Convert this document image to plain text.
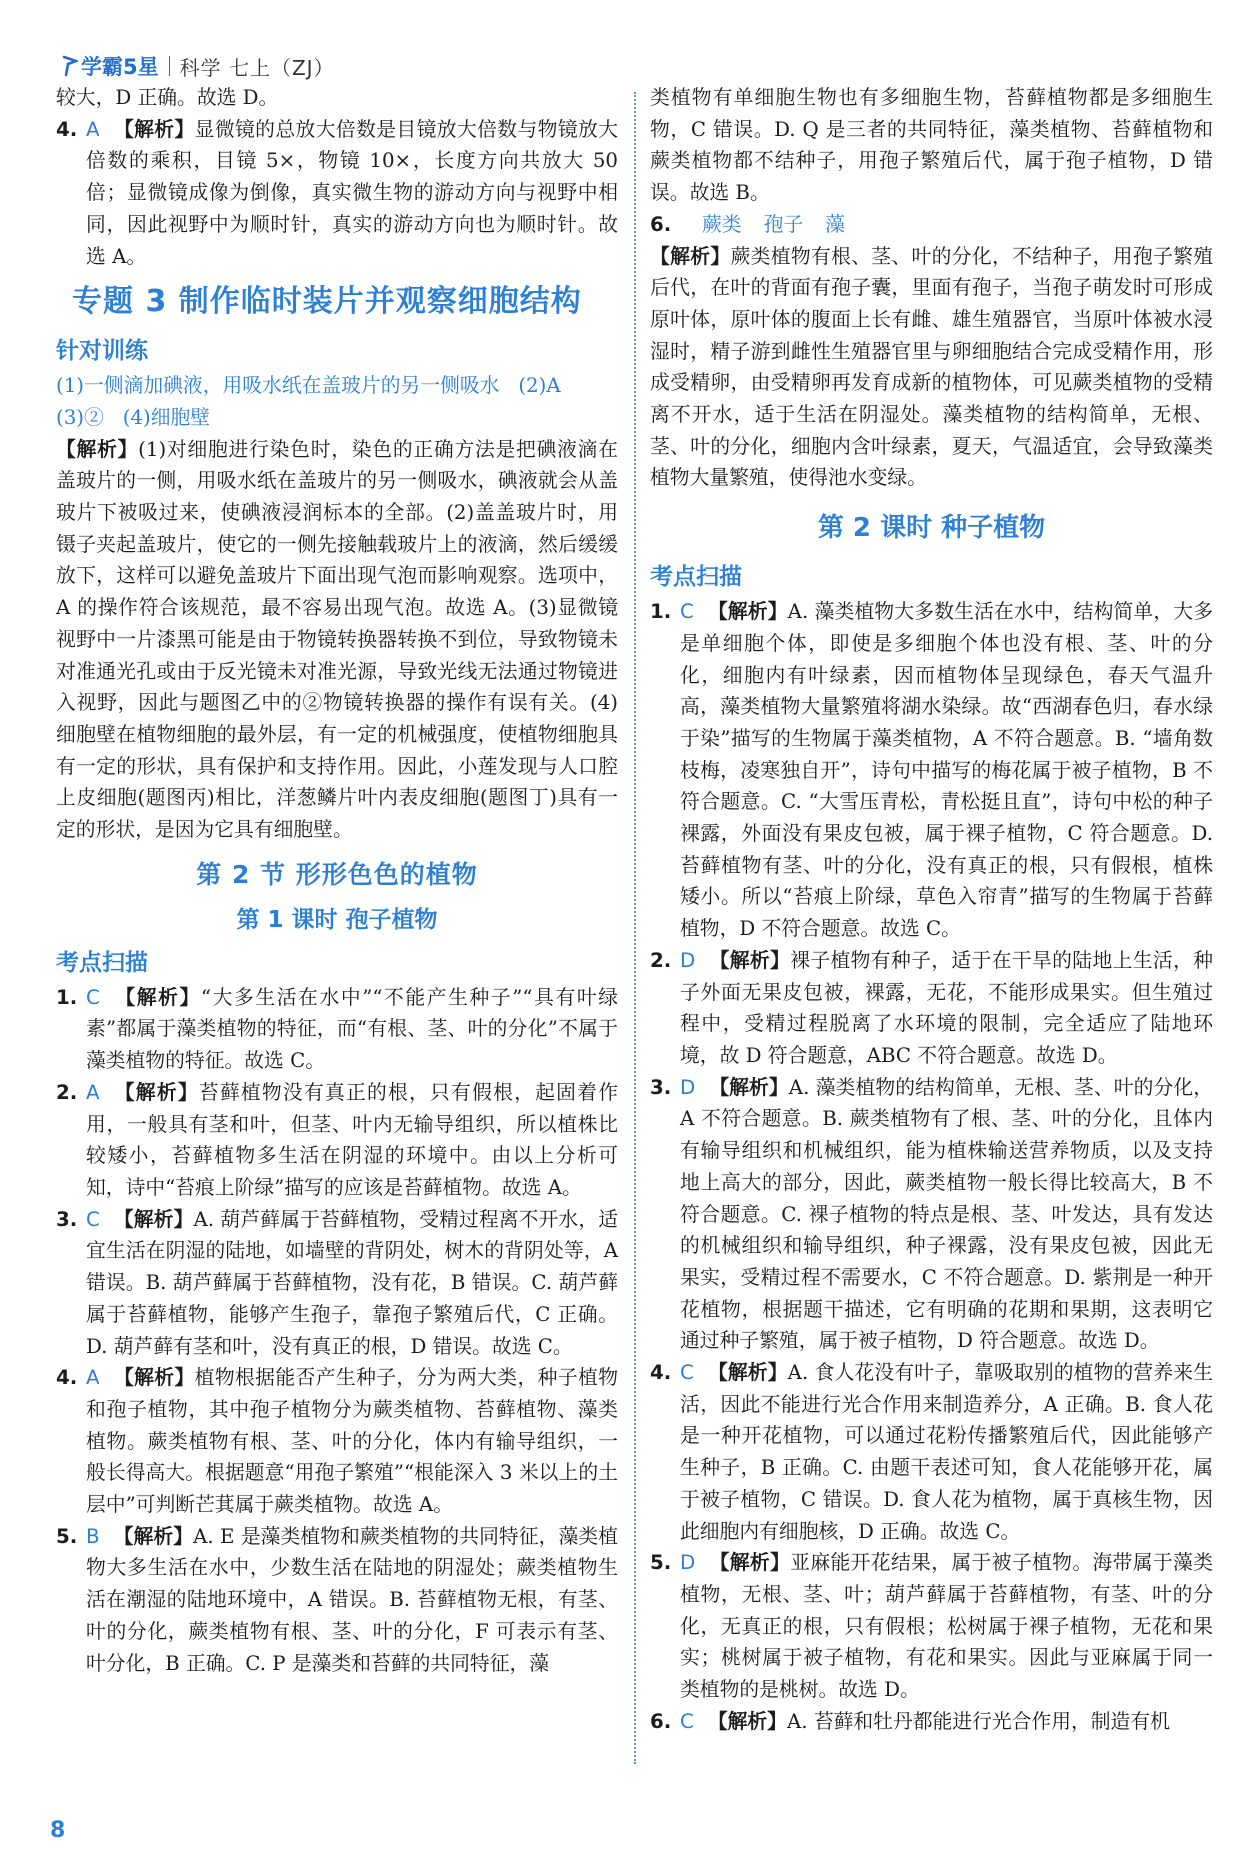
学霸5星 科学 七上（ZJ）

较大，D 正确。故选 D。

4. A 【解析】显微镜的总放大倍数是目镜放大倍数与物镜放大倍数的乘积，目镜 5×，物镜 10×，长度方向共放大 50 倍；显微镜成像为倒像，真实微生物的游动方向与视野中相同，因此视野中为顺时针，真实的游动方向也为顺时针。故选 A。

专题 3 制作临时装片并观察细胞结构
针对训练

(1)一侧滴加碘液，用吸水纸在盖玻片的另一侧吸水 (2)A

(3)② (4)细胞壁

【解析】(1)对细胞进行染色时，染色的正确方法是把碘液滴在盖玻片的一侧，用吸水纸在盖玻片的另一侧吸水，碘液就会从盖玻片下被吸过来，使碘液浸润标本的全部。(2)盖盖玻片时，用镊子夹起盖玻片，使它的一侧先接触载玻片上的液滴，然后缓缓放下，这样可以避免盖玻片下面出现气泡而影响观察。选项中，A 的操作符合该规范，最不容易出现气泡。故选 A。(3)显微镜视野中一片漆黑可能是由于物镜转换器转换不到位，导致物镜未对准通光孔或由于反光镜未对准光源，导致光线无法通过物镜进入视野，因此与题图乙中的②物镜转换器的操作有误有关。(4)细胞壁在植物细胞的最外层，有一定的机械强度，使植物细胞具有一定的形状，具有保护和支持作用。因此，小莲发现与人口腔上皮细胞(题图丙)相比，洋葱鳞片叶内表皮细胞(题图丁)具有一定的形状，是因为它具有细胞壁。

第 2 节 形形色色的植物
第 1 课时 孢子植物
考点扫描

1. C 【解析】“大多生活在水中”“不能产生种子”“具有叶绿素”都属于藻类植物的特征，而“有根、茎、叶的分化”不属于藻类植物的特征。故选 C。

2. A 【解析】苔藓植物没有真正的根，只有假根，起固着作用，一般具有茎和叶，但茎、叶内无输导组织，所以植株比较矮小，苔藓植物多生活在阴湿的环境中。由以上分析可知，诗中“苔痕上阶绿”描写的应该是苔藓植物。故选 A。

3. C 【解析】A. 葫芦藓属于苔藓植物，受精过程离不开水，适宜生活在阴湿的陆地，如墙壁的背阴处，树木的背阴处等，A 错误。B. 葫芦藓属于苔藓植物，没有花，B 错误。C. 葫芦藓属于苔藓植物，能够产生孢子，靠孢子繁殖后代，C 正确。D. 葫芦藓有茎和叶，没有真正的根，D 错误。故选 C。

4. A 【解析】植物根据能否产生种子，分为两大类，种子植物和孢子植物，其中孢子植物分为蕨类植物、苔藓植物、藻类植物。蕨类植物有根、茎、叶的分化，体内有输导组织，一般长得高大。根据题意“用孢子繁殖”“根能深入 3 米以上的土层中”可判断芒萁属于蕨类植物。故选 A。

5. B 【解析】A. E 是藻类植物和蕨类植物的共同特征，藻类植物大多生活在水中，少数生活在陆地的阴湿处；蕨类植物生活在潮湿的陆地环境中，A 错误。B. 苔藓植物无根，有茎、叶的分化，蕨类植物有根、茎、叶的分化，F 可表示有茎、叶分化，B 正确。C. P 是藻类和苔藓的共同特征，藻

类植物有单细胞生物也有多细胞生物，苔藓植物都是多细胞生物，C 错误。D. Q 是三者的共同特征，藻类植物、苔藓植物和蕨类植物都不结种子，用孢子繁殖后代，属于孢子植物，D 错误。故选 B。

6. 蕨类 孢子 藻

【解析】蕨类植物有根、茎、叶的分化，不结种子，用孢子繁殖后代，在叶的背面有孢子囊，里面有孢子，当孢子萌发时可形成原叶体，原叶体的腹面上长有雌、雄生殖器官，当原叶体被水浸湿时，精子游到雌性生殖器官里与卵细胞结合完成受精作用，形成受精卵，由受精卵再发育成新的植物体，可见蕨类植物的受精离不开水，适于生活在阴湿处。藻类植物的结构简单，无根、茎、叶的分化，细胞内含叶绿素，夏天，气温适宜，会导致藻类植物大量繁殖，使得池水变绿。

第 2 课时 种子植物
考点扫描

1. C 【解析】A. 藻类植物大多数生活在水中，结构简单，大多是单细胞个体，即使是多细胞个体也没有根、茎、叶的分化，细胞内有叶绿素，因而植物体呈现绿色，春天气温升高，藻类植物大量繁殖将湖水染绿。故“西湖春色归，春水绿于染”描写的生物属于藻类植物，A 不符合题意。B. “墙角数枝梅，凌寒独自开”，诗句中描写的梅花属于被子植物，B 不符合题意。C. “大雪压青松，青松挺且直”，诗句中松的种子裸露，外面没有果皮包被，属于裸子植物，C 符合题意。D. 苔藓植物有茎、叶的分化，没有真正的根，只有假根，植株矮小。所以“苔痕上阶绿，草色入帘青”描写的生物属于苔藓植物，D 不符合题意。故选 C。

2. D 【解析】裸子植物有种子，适于在干旱的陆地上生活，种子外面无果皮包被，裸露，无花，不能形成果实。但生殖过程中，受精过程脱离了水环境的限制，完全适应了陆地环境，故 D 符合题意，ABC 不符合题意。故选 D。

3. D 【解析】A. 藻类植物的结构简单，无根、茎、叶的分化，A 不符合题意。B. 蕨类植物有了根、茎、叶的分化，且体内有输导组织和机械组织，能为植株输送营养物质，以及支持地上高大的部分，因此，蕨类植物一般长得比较高大，B 不符合题意。C. 裸子植物的特点是根、茎、叶发达，具有发达的机械组织和输导组织，种子裸露，没有果皮包被，因此无果实，受精过程不需要水，C 不符合题意。D. 紫荆是一种开花植物，根据题干描述，它有明确的花期和果期，这表明它通过种子繁殖，属于被子植物，D 符合题意。故选 D。

4. C 【解析】A. 食人花没有叶子，靠吸取别的植物的营养来生活，因此不能进行光合作用来制造养分，A 正确。B. 食人花是一种开花植物，可以通过花粉传播繁殖后代，因此能够产生种子，B 正确。C. 由题干表述可知，食人花能够开花，属于被子植物，C 错误。D. 食人花为植物，属于真核生物，因此细胞内有细胞核，D 正确。故选 C。

5. D 【解析】亚麻能开花结果，属于被子植物。海带属于藻类植物，无根、茎、叶；葫芦藓属于苔藓植物，有茎、叶的分化，无真正的根，只有假根；松树属于裸子植物，无花和果实；桃树属于被子植物，有花和果实。因此与亚麻属于同一类植物的是桃树。故选 D。

6. C 【解析】A. 苔藓和牡丹都能进行光合作用，制造有机

8
